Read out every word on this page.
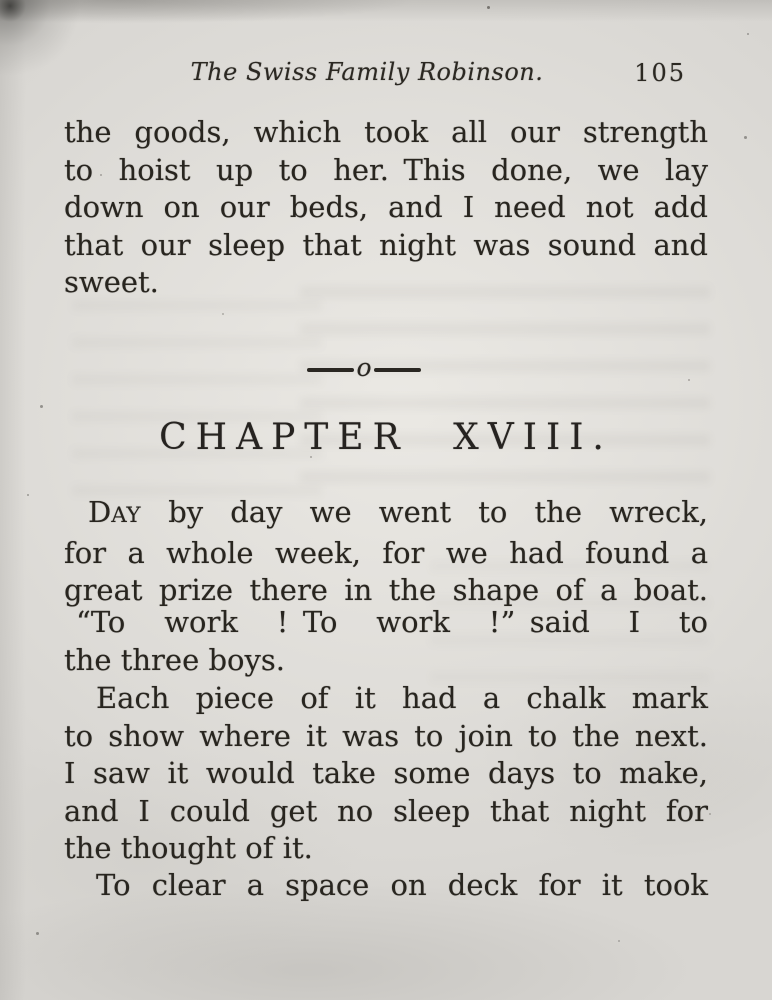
The Swiss Family Robinson.	105
the goods, which took all our strength
to hoist up to her. This done, we lay
down on our beds, and I need not add
that our sleep that night was sound and
sweet.
o
CHAPTER XVIII.
DAY by day we went to the wreck,
for a whole week, for we had found a
great prize there in the shape of a boat.
“To work ! To work !” said I to
the three boys.
Each piece of it had a chalk mark
to show where it was to join to the next.
I saw it would take some days to make,
and I could get no sleep that night for
the thought of it.
To clear a space on deck for it took
